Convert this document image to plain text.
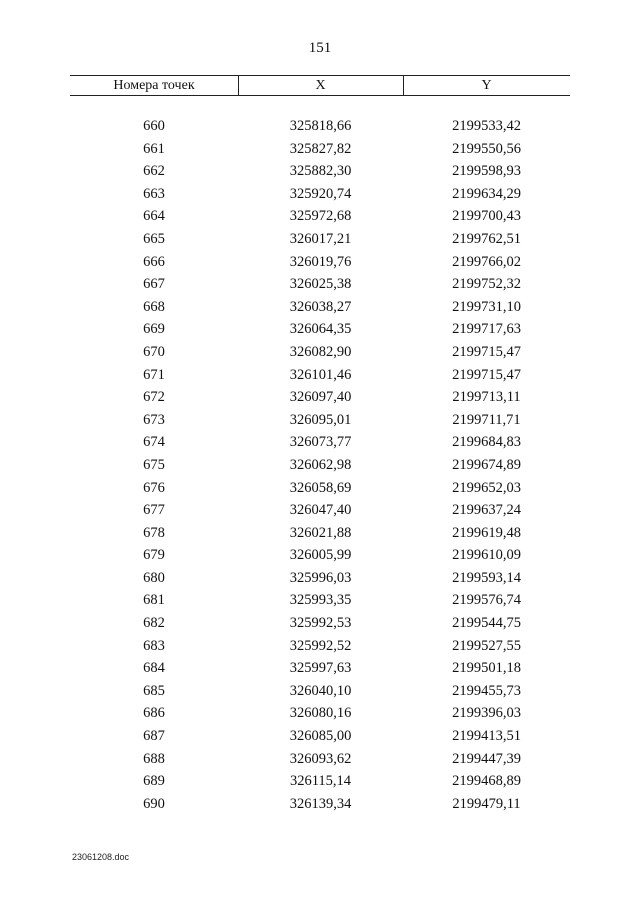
151
Номера точек	X	Y
660	325818,66	2199533,42
661	325827,82	2199550,56
662	325882,30	2199598,93
663	325920,74	2199634,29
664	325972,68	2199700,43
665	326017,21	2199762,51
666	326019,76	2199766,02
667	326025,38	2199752,32
668	326038,27	2199731,10
669	326064,35	2199717,63
670	326082,90	2199715,47
671	326101,46	2199715,47
672	326097,40	2199713,11
673	326095,01	2199711,71
674	326073,77	2199684,83
675	326062,98	2199674,89
676	326058,69	2199652,03
677	326047,40	2199637,24
678	326021,88	2199619,48
679	326005,99	2199610,09
680	325996,03	2199593,14
681	325993,35	2199576,74
682	325992,53	2199544,75
683	325992,52	2199527,55
684	325997,63	2199501,18
685	326040,10	2199455,73
686	326080,16	2199396,03
687	326085,00	2199413,51
688	326093,62	2199447,39
689	326115,14	2199468,89
690	326139,34	2199479,11
23061208.doc
